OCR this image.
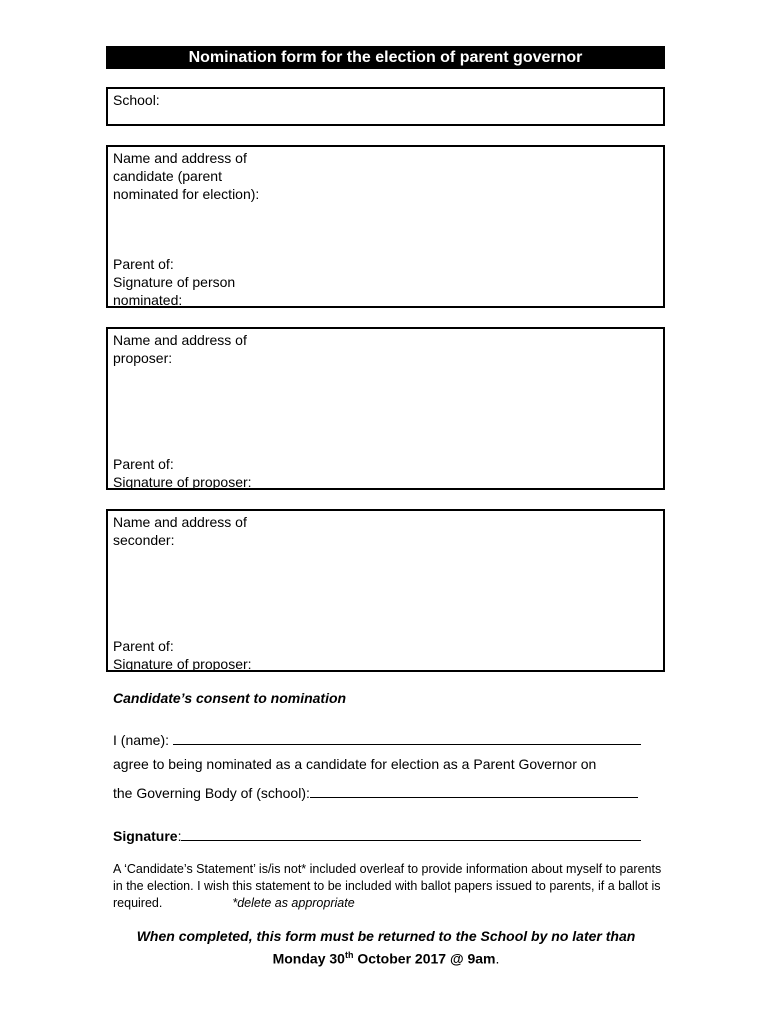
Nomination form for the election of parent governor
School:
Name and address of
candidate (parent
nominated for election):
Parent of:
Signature of person
nominated:
Name and address of
proposer:
Parent of:
Signature of proposer:
Name and address of
seconder:
Parent of:
Signature of proposer:
Candidate’s consent to nomination
I (name):
agree to being nominated as a candidate for election as a Parent Governor on
the Governing Body of (school):
Signature:
A ‘Candidate’s Statement’ is/is not* included overleaf to provide information about myself to parents in the election. I wish this statement to be included with ballot papers issued to parents, if a ballot is required.	*delete as appropriate
When completed, this form must be returned to the School by no later than
Monday 30th October 2017 @ 9am.
